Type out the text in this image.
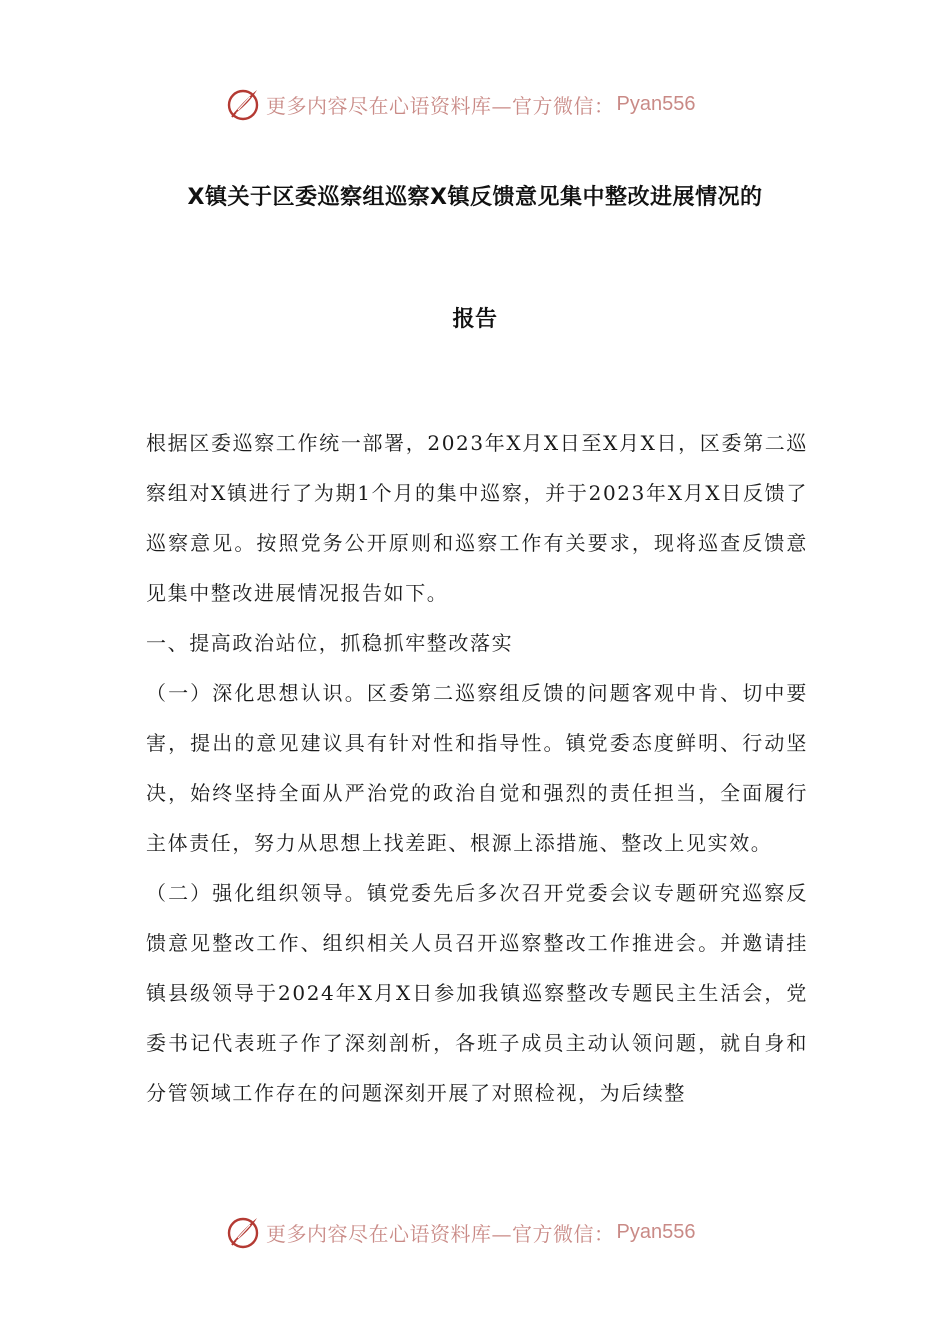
更多内容尽在心语资料库—官方微信： Pyan556
X镇关于区委巡察组巡察X镇反馈意见集中整改进展情况的
报告

根据区委巡察工作统一部署，2023年X月X日至X月X日，区委第二巡察组对X镇进行了为期1个月的集中巡察，并于2023年X月X日反馈了巡察意见。按照党务公开原则和巡察工作有关要求，现将巡查反馈意见集中整改进展情况报告如下。

一、提高政治站位，抓稳抓牢整改落实

（一）深化思想认识。区委第二巡察组反馈的问题客观中肯、切中要害，提出的意见建议具有针对性和指导性。镇党委态度鲜明、行动坚决，始终坚持全面从严治党的政治自觉和强烈的责任担当，全面履行主体责任，努力从思想上找差距、根源上添措施、整改上见实效。

（二）强化组织领导。镇党委先后多次召开党委会议专题研究巡察反馈意见整改工作、组织相关人员召开巡察整改工作推进会。并邀请挂镇县级领导于2024年X月X日参加我镇巡察整改专题民主生活会，党委书记代表班子作了深刻剖析，各班子成员主动认领问题，就自身和分管领域工作存在的问题深刻开展了对照检视，为后续整

更多内容尽在心语资料库—官方微信： Pyan556
